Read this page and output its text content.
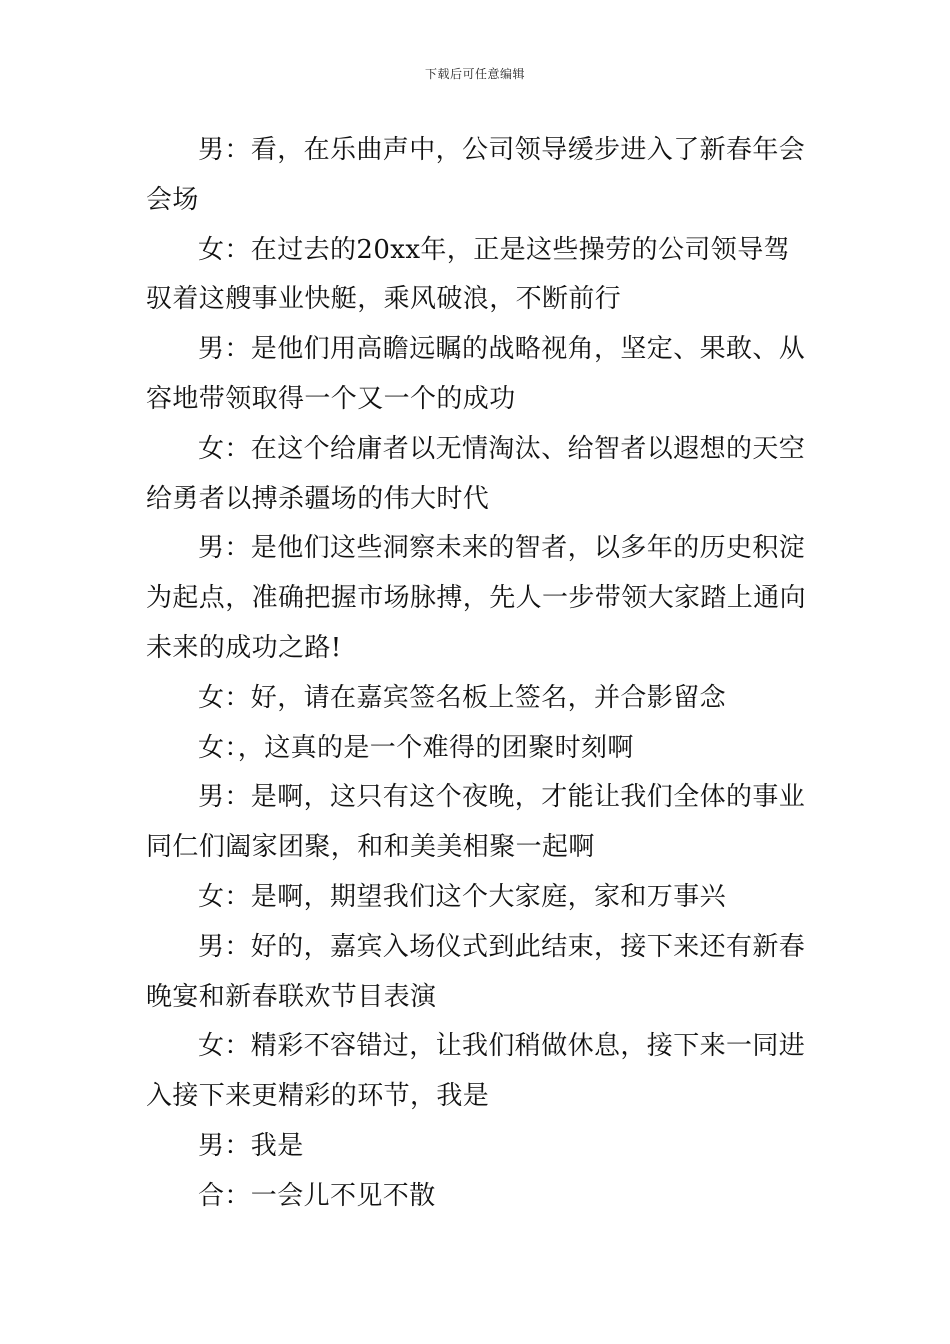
下载后可任意编辑

男：看，在乐曲声中，公司领导缓步进入了新春年会会场

女：在过去的20xx年，正是这些操劳的公司领导驾驭着这艘事业快艇，乘风破浪，不断前行

男：是他们用高瞻远瞩的战略视角，坚定、果敢、从容地带领取得一个又一个的成功

女：在这个给庸者以无情淘汰、给智者以遐想的天空给勇者以搏杀疆场的伟大时代

男：是他们这些洞察未来的智者，以多年的历史积淀为起点，准确把握市场脉搏，先人一步带领大家踏上通向未来的成功之路!

女：好，请在嘉宾签名板上签名，并合影留念

女：，这真的是一个难得的团聚时刻啊

男：是啊，这只有这个夜晚，才能让我们全体的事业同仁们阖家团聚，和和美美相聚一起啊

女：是啊，期望我们这个大家庭，家和万事兴

男：好的，嘉宾入场仪式到此结束，接下来还有新春晚宴和新春联欢节目表演

女：精彩不容错过，让我们稍做休息，接下来一同进入接下来更精彩的环节，我是

男：我是

合：一会儿不见不散
